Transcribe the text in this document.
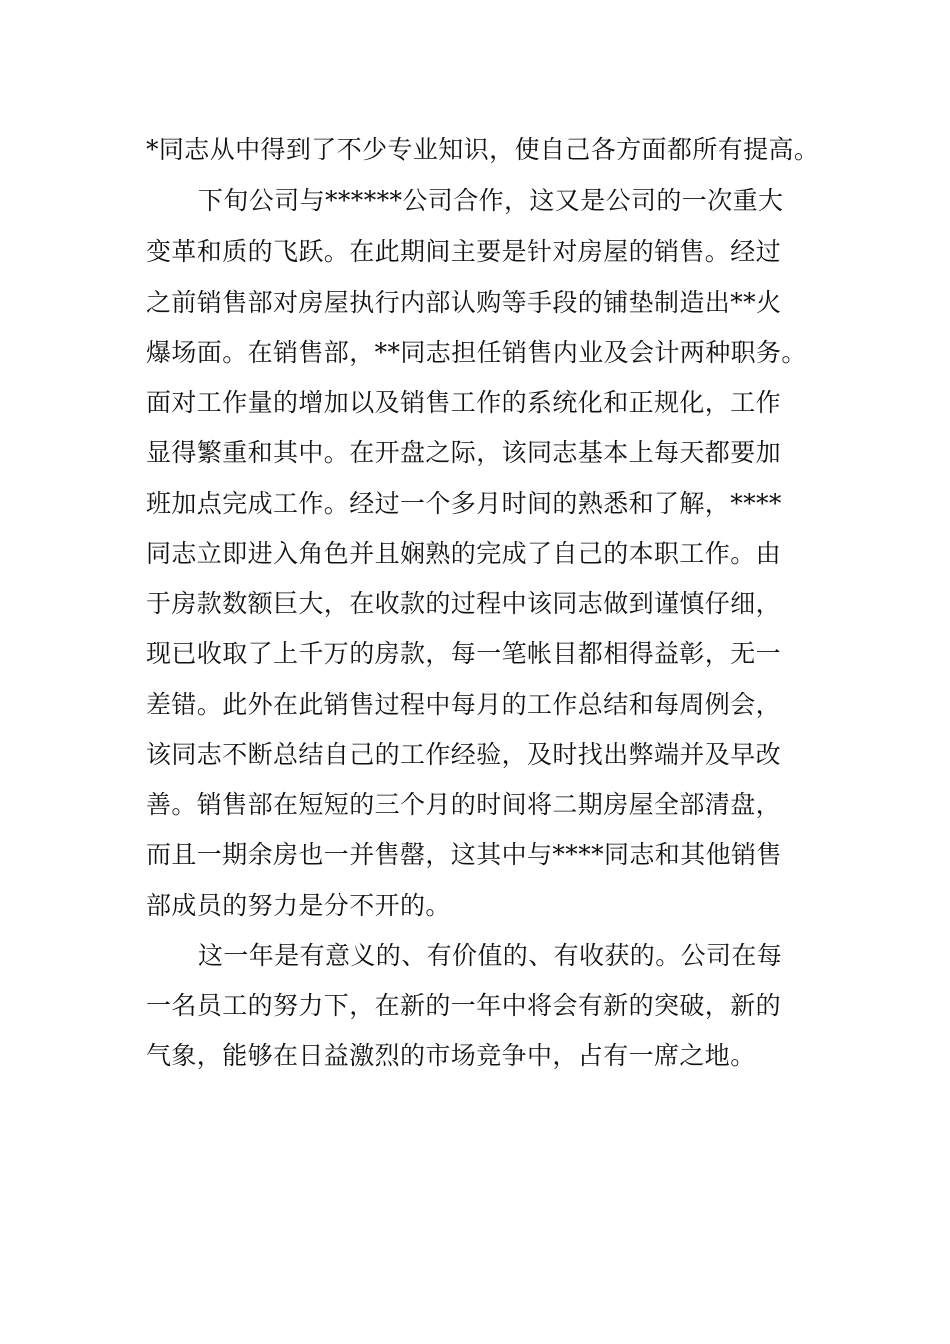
*同志从中得到了不少专业知识，使自己各方面都所有提高。
下旬公司与******公司合作，这又是公司的一次重大
变革和质的飞跃。在此期间主要是针对房屋的销售。经过
之前销售部对房屋执行内部认购等手段的铺垫制造出**火
爆场面。在销售部，**同志担任销售内业及会计两种职务。
面对工作量的增加以及销售工作的系统化和正规化，工作
显得繁重和其中。在开盘之际，该同志基本上每天都要加
班加点完成工作。经过一个多月时间的熟悉和了解，****
同志立即进入角色并且娴熟的完成了自己的本职工作。由
于房款数额巨大，在收款的过程中该同志做到谨慎仔细，
现已收取了上千万的房款，每一笔帐目都相得益彰，无一
差错。此外在此销售过程中每月的工作总结和每周例会，
该同志不断总结自己的工作经验，及时找出弊端并及早改
善。销售部在短短的三个月的时间将二期房屋全部清盘，
而且一期余房也一并售罄，这其中与****同志和其他销售
部成员的努力是分不开的。
这一年是有意义的、有价值的、有收获的。公司在每
一名员工的努力下，在新的一年中将会有新的突破，新的
气象，能够在日益激烈的市场竞争中，占有一席之地。
